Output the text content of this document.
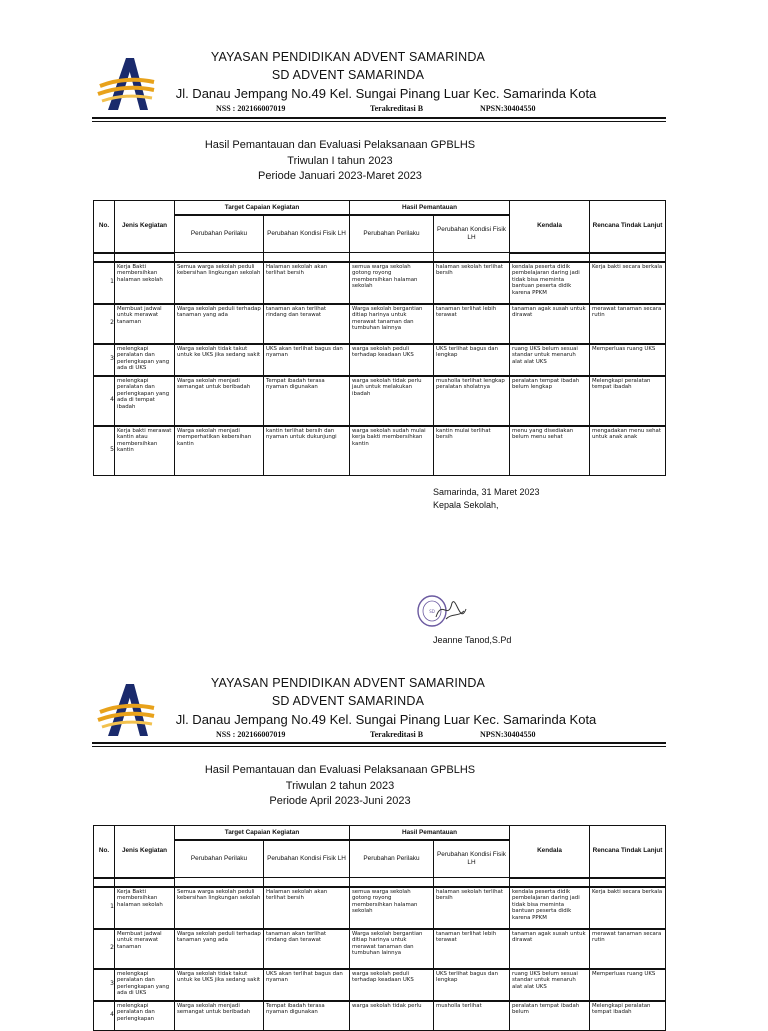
YAYASAN PENDIDIKAN ADVENT SAMARINDA
SD ADVENT SAMARINDA
Jl. Danau Jempang No.49 Kel. Sungai Pinang Luar Kec. Samarinda Kota
NSS : 202166007019	Terakreditasi B	NPSN:30404550
Hasil Pemantauan dan Evaluasi Pelaksanaan GPBLHS
Triwulan I tahun 2023
Periode Januari 2023-Maret 2023
No.	Jenis Kegiatan	Target Capaian Kegiatan		Hasil Pemantauan		Kendala	Rencana Tindak Lanjut
		Perubahan Perilaku	Perubahan Kondisi Fisik LH	Perubahan Perilaku	Perubahan Kondisi Fisik LH		

1	Kerja Bakti membersihkan halaman sekolah	Semua warga sekolah peduli kebersihan lingkungan sekolah	Halaman sekolah akan terlihat bersih	semua warga sekolah gotong royong membersihkan halaman sekolah	halaman sekolah terlihat bersih	kendala peserta didik pembelajaran daring jadi tidak bisa meminta bantuan peserta didik karena PPKM	Kerja bakti secara berkala
2	Membuat jadwal untuk merawat tanaman	Warga sekolah peduli terhadap tanaman yang ada	tanaman akan terlihat rindang dan terawat	Warga sekolah bergantian ditiap harinya untuk merawat tanaman dan tumbuhan lainnya	tanaman terlihat lebih terawat	tanaman agak susah untuk dirawat	merawat tanaman secara rutin
3	melengkapi peralatan dan perlengkapan yang ada di UKS	Warga sekolah tidak takut untuk ke UKS jika sedang sakit	UKS akan terlihat bagus dan nyaman	warga sekolah peduli terhadap keadaan UKS	UKS terlihat bagus dan lengkap	ruang UKS belum sesuai standar untuk menaruh alat alat UKS	Memperluas ruang UKS
4	melengkapi peralatan dan perlengkapan yang ada di tempat ibadah	Warga sekolah menjadi semangat untuk beribadah	Tempat ibadah terasa nyaman digunakan	warga sekolah tidak perlu jauh untuk melakukan ibadah	musholla terlihat lengkap peralatan sholatnya	peralatan tempat ibadah belum lengkap	Melengkapi peralatan tempat ibadah
5	Kerja bakti merawat kantin atau membersihkan kantin	Warga sekolah menjadi memperhatikan kebersihan kantin	kantin terlihat bersih dan nyaman untuk dukunjungi	warga sekolah sudah mulai kerja bakti membersihkan kantin	kantin mulai terlihat bersih	menu yang disediakan belum menu sehat	mengadakan menu sehat untuk anak anak
Samarinda, 31 Maret 2023
Kepala Sekolah,
SD
Jeanne Tanod,S.Pd
YAYASAN PENDIDIKAN ADVENT SAMARINDA
SD ADVENT SAMARINDA
Jl. Danau Jempang No.49 Kel. Sungai Pinang Luar Kec. Samarinda Kota
NSS : 202166007019	Terakreditasi B	NPSN:30404550
Hasil Pemantauan dan Evaluasi Pelaksanaan GPBLHS
Triwulan 2 tahun 2023
Periode April 2023-Juni 2023
No.	Jenis Kegiatan	Target Capaian Kegiatan		Hasil Pemantauan		Kendala	Rencana Tindak Lanjut
		Perubahan Perilaku	Perubahan Kondisi Fisik LH	Perubahan Perilaku	Perubahan Kondisi Fisik LH		

1	Kerja Bakti membersihkan halaman sekolah	Semua warga sekolah peduli kebersihan lingkungan sekolah	Halaman sekolah akan terlihat bersih	semua warga sekolah gotong royong membersihkan halaman sekolah	halaman sekolah terlihat bersih	kendala peserta didik pembelajaran daring jadi tidak bisa meminta bantuan peserta didik karena PPKM	Kerja bakti secara berkala
2	Membuat jadwal untuk merawat tanaman	Warga sekolah peduli terhadap tanaman yang ada	tanaman akan terlihat rindang dan terawat	Warga sekolah bergantian ditiap harinya untuk merawat tanaman dan tumbuhan lainnya	tanaman terlihat lebih terawat	tanaman agak susah untuk dirawat	merawat tanaman secara rutin
3	melengkapi peralatan dan perlengkapan yang ada di UKS	Warga sekolah tidak takut untuk ke UKS jika sedang sakit	UKS akan terlihat bagus dan nyaman	warga sekolah peduli terhadap keadaan UKS	UKS terlihat bagus dan lengkap	ruang UKS belum sesuai standar untuk menaruh alat alat UKS	Memperluas ruang UKS
4	melengkapi peralatan dan perlengkapan	Warga sekolah menjadi semangat untuk beribadah	Tempat ibadah terasa nyaman digunakan	warga sekolah tidak perlu	musholla terlihat	peralatan tempat ibadah belum	Melengkapi peralatan tempat ibadah
